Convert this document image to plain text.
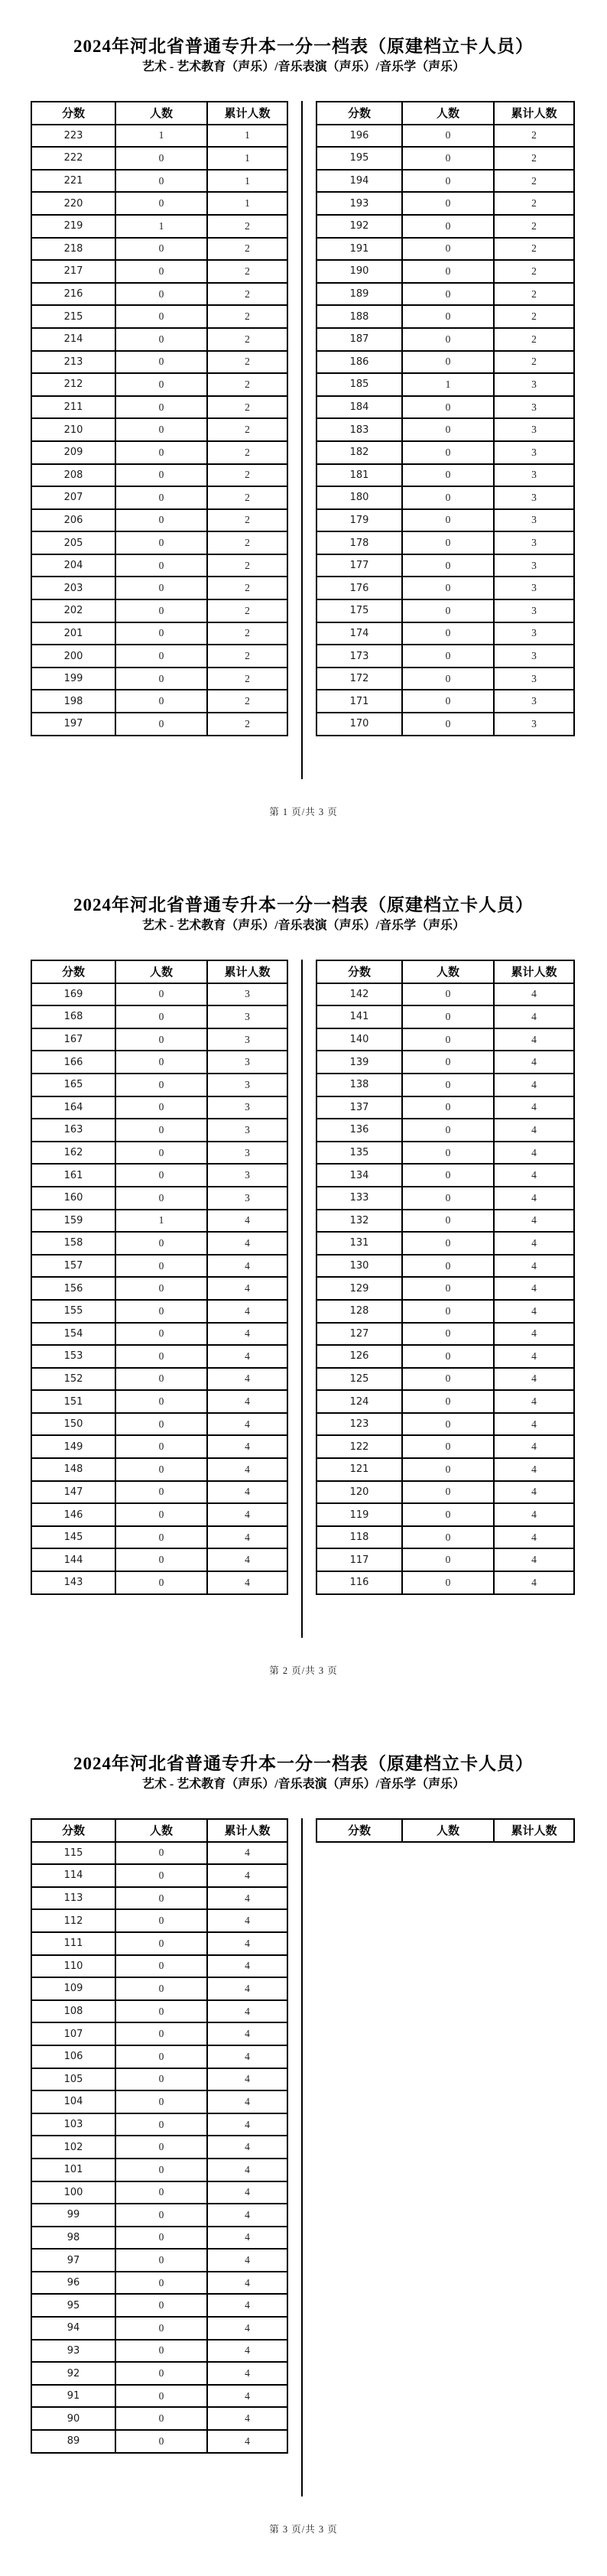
2024年河北省普通专升本一分一档表（原建档立卡人员）
艺术 - 艺术教育（声乐）/音乐表演（声乐）/音乐学（声乐）
分数	人数	累计人数
223	1	1
222	0	1
221	0	1
220	0	1
219	1	2
218	0	2
217	0	2
216	0	2
215	0	2
214	0	2
213	0	2
212	0	2
211	0	2
210	0	2
209	0	2
208	0	2
207	0	2
206	0	2
205	0	2
204	0	2
203	0	2
202	0	2
201	0	2
200	0	2
199	0	2
198	0	2
197	0	2
分数	人数	累计人数
196	0	2
195	0	2
194	0	2
193	0	2
192	0	2
191	0	2
190	0	2
189	0	2
188	0	2
187	0	2
186	0	2
185	1	3
184	0	3
183	0	3
182	0	3
181	0	3
180	0	3
179	0	3
178	0	3
177	0	3
176	0	3
175	0	3
174	0	3
173	0	3
172	0	3
171	0	3
170	0	3
第 1 页/共 3 页
2024年河北省普通专升本一分一档表（原建档立卡人员）
艺术 - 艺术教育（声乐）/音乐表演（声乐）/音乐学（声乐）
分数	人数	累计人数
169	0	3
168	0	3
167	0	3
166	0	3
165	0	3
164	0	3
163	0	3
162	0	3
161	0	3
160	0	3
159	1	4
158	0	4
157	0	4
156	0	4
155	0	4
154	0	4
153	0	4
152	0	4
151	0	4
150	0	4
149	0	4
148	0	4
147	0	4
146	0	4
145	0	4
144	0	4
143	0	4
分数	人数	累计人数
142	0	4
141	0	4
140	0	4
139	0	4
138	0	4
137	0	4
136	0	4
135	0	4
134	0	4
133	0	4
132	0	4
131	0	4
130	0	4
129	0	4
128	0	4
127	0	4
126	0	4
125	0	4
124	0	4
123	0	4
122	0	4
121	0	4
120	0	4
119	0	4
118	0	4
117	0	4
116	0	4
第 2 页/共 3 页
2024年河北省普通专升本一分一档表（原建档立卡人员）
艺术 - 艺术教育（声乐）/音乐表演（声乐）/音乐学（声乐）
分数	人数	累计人数
115	0	4
114	0	4
113	0	4
112	0	4
111	0	4
110	0	4
109	0	4
108	0	4
107	0	4
106	0	4
105	0	4
104	0	4
103	0	4
102	0	4
101	0	4
100	0	4
99	0	4
98	0	4
97	0	4
96	0	4
95	0	4
94	0	4
93	0	4
92	0	4
91	0	4
90	0	4
89	0	4
分数	人数	累计人数
第 3 页/共 3 页
